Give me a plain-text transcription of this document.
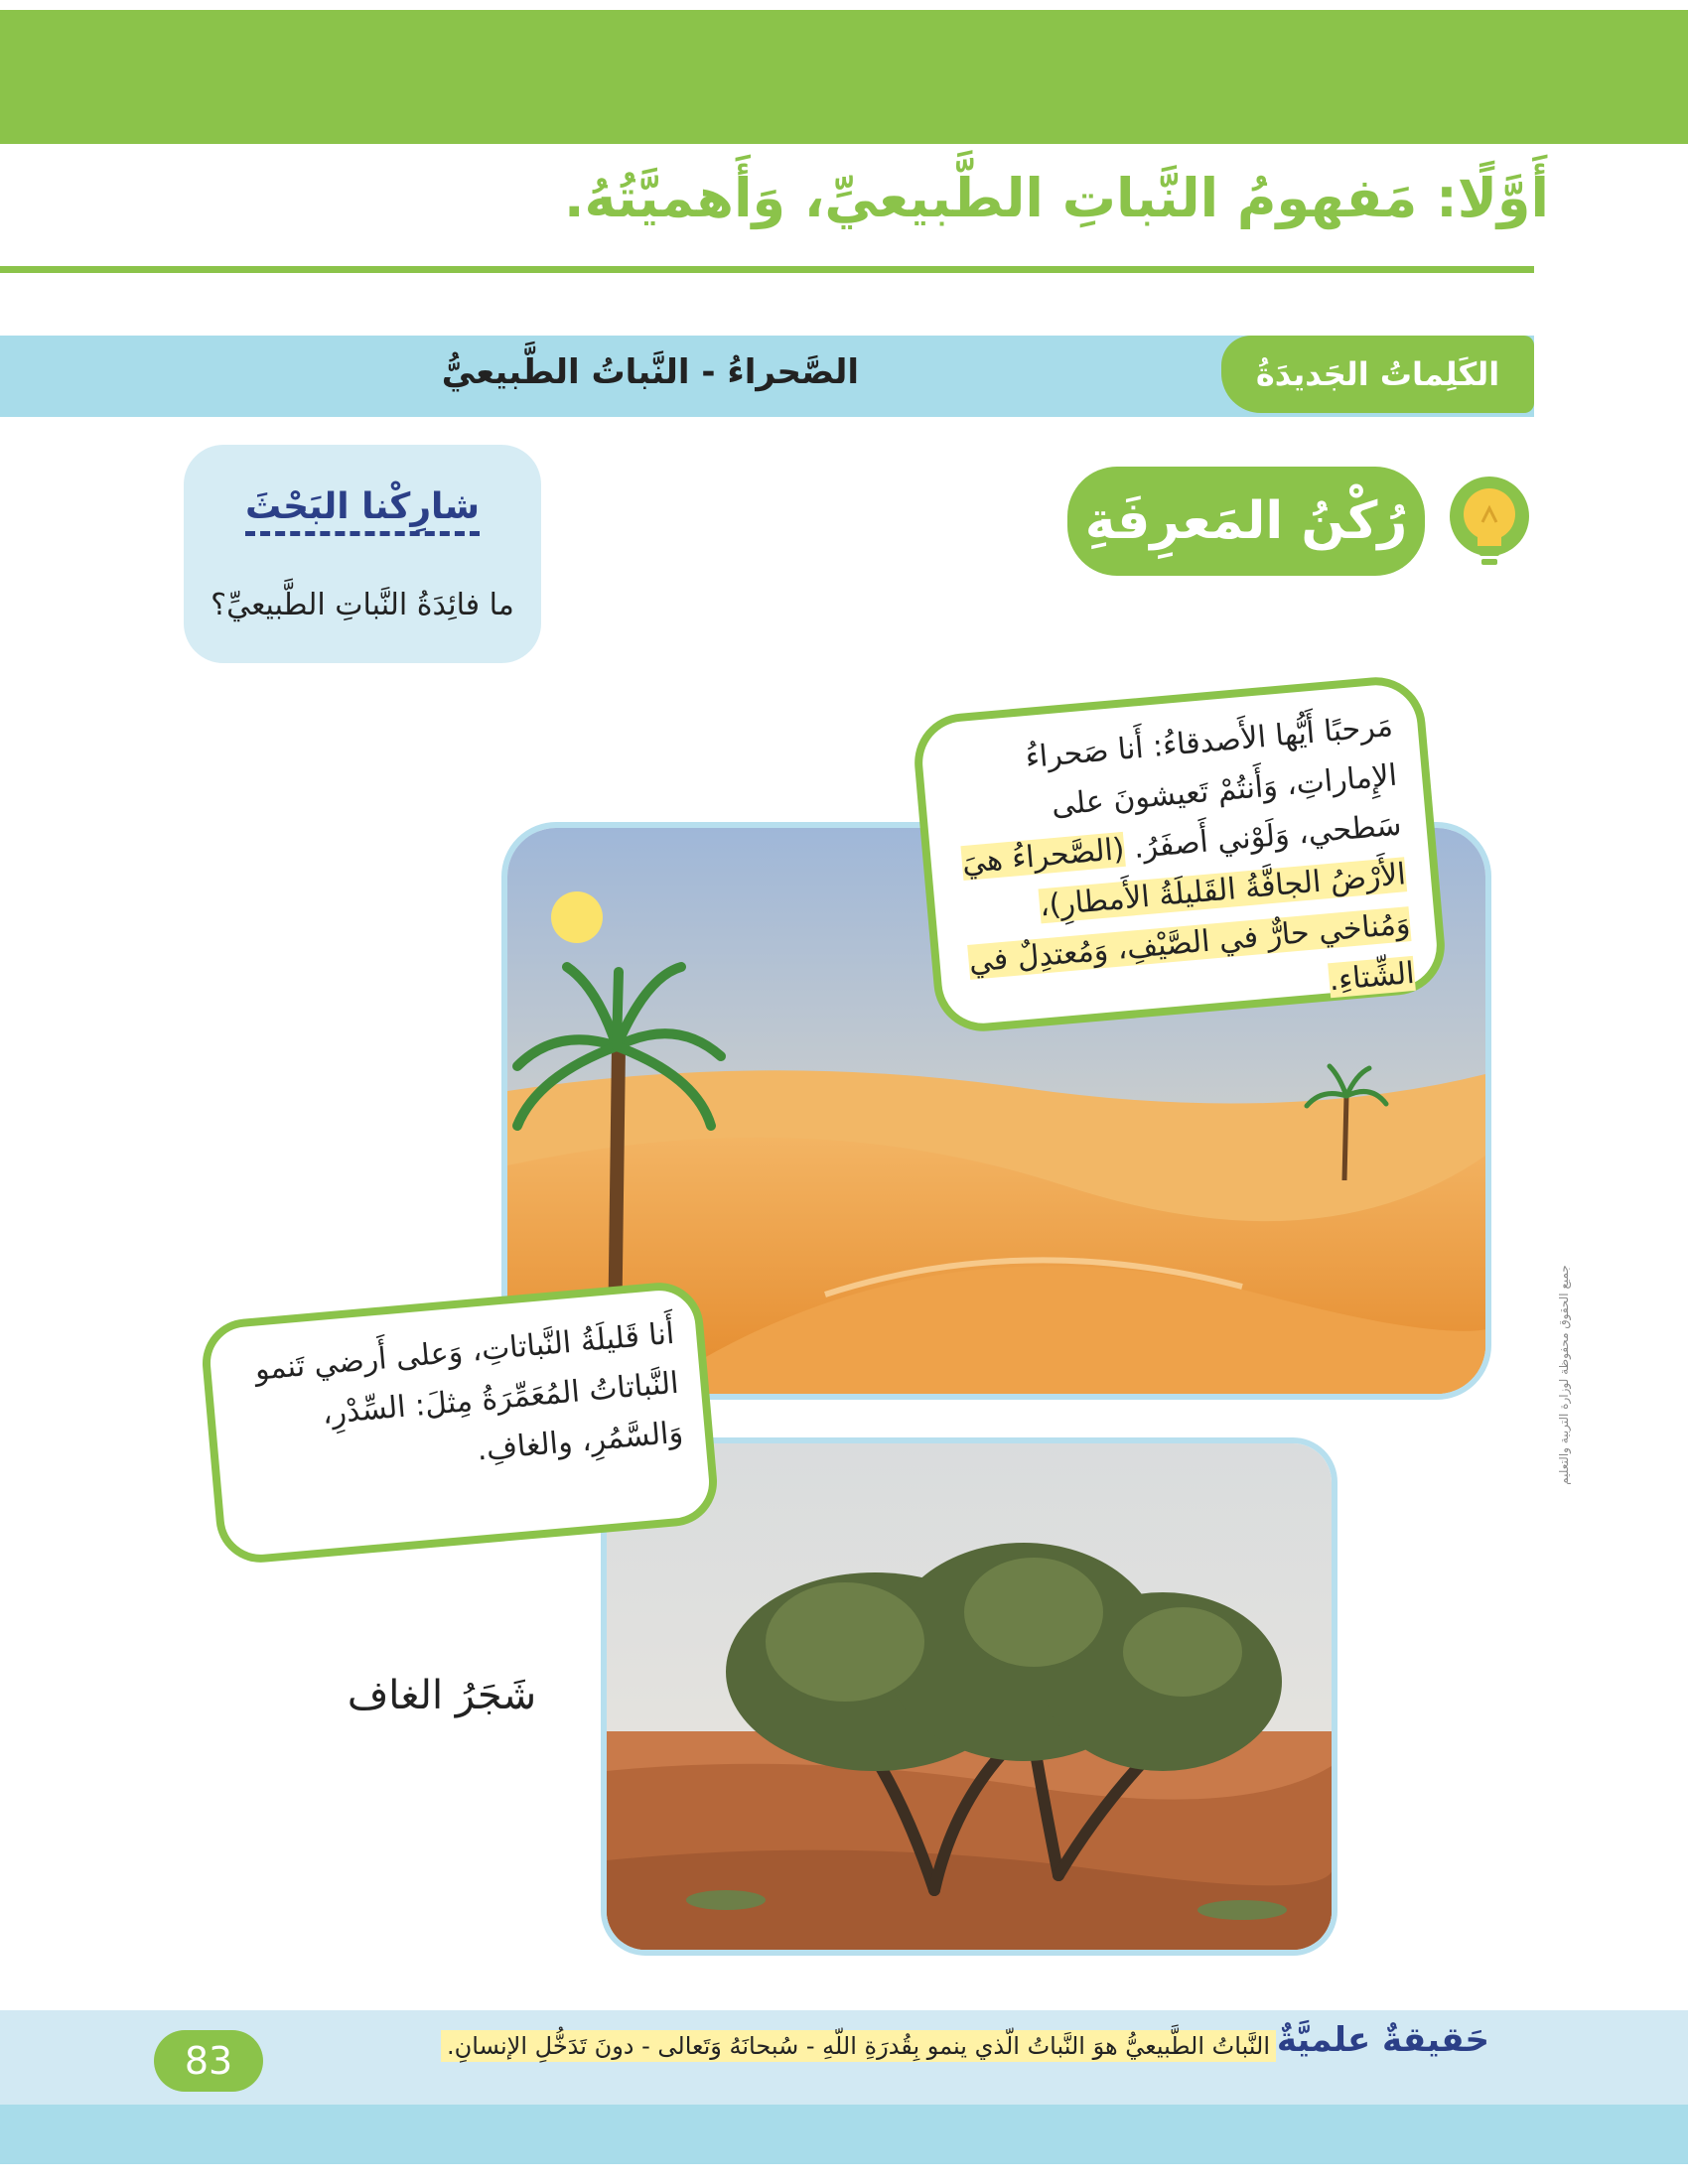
أَوَّلًا: مَفهومُ النَّباتِ الطَّبيعيِّ، وَأَهميَّتُهُ.
الكَلِماتُ الجَديدَةُ
الصَّحراءُ - النَّباتُ الطَّبيعيُّ
رُكْنُ المَعرِفَةِ
شارِكْنا البَحْثَ
ما فائِدَةُ النَّباتِ الطَّبيعيِّ؟
مَرحبًا أَيُّها الأَصدقاءُ: أَنا صَحراءُ الإِماراتِ، وَأَنتُمْ تَعيشونَ على سَطحي، وَلَوْني أَصفَرُ. (الصَّحراءُ هيَ الأَرْضُ الجافَّةُ القَليلَةُ الأَمطارِ)، وَمُناخي حارٌّ في الصَّيْفِ، وَمُعتدِلٌ في الشِّتاءِ.
أَنا قَليلَةُ النَّباتاتِ، وَعلى أَرضي تَنمو النَّباتاتُ المُعَمِّرَةُ مِثلَ: السِّدْرِ، وَالسَّمُرِ، والغافِ.
شَجَرُ الغاف
جميع الحقوق محفوظة لوزارة التربية والتعليم
حَقيقةٌ علميَّةٌ
النَّباتُ الطَّبيعيُّ هوَ النَّباتُ الّذي ينمو بِقُدرَةِ اللّهِ - سُبحانَهُ وَتَعالى - دونَ تَدَخُّلِ الإنسانِ.
83
